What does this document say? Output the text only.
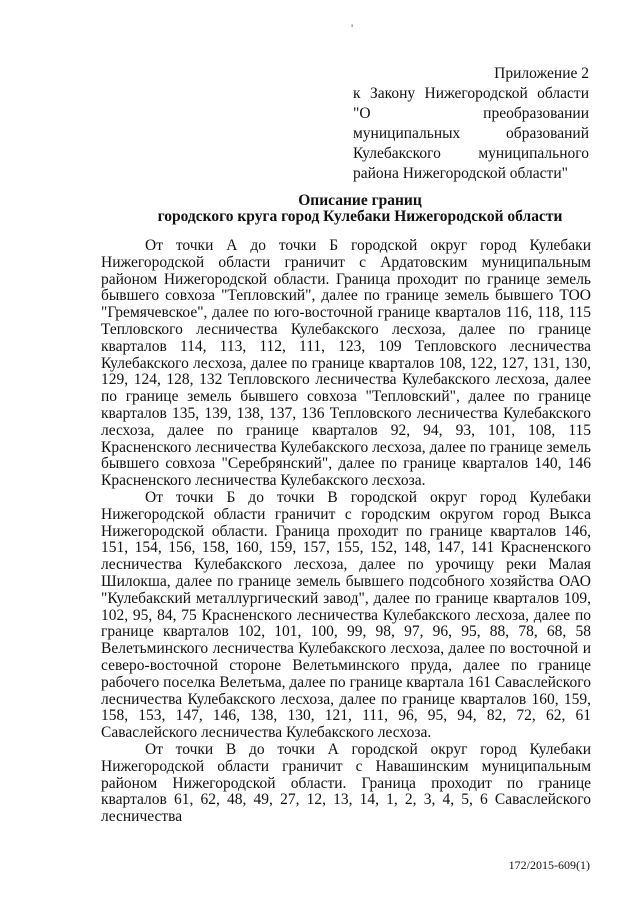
'
Приложение 2
к Закону Нижегородской области "О преобразовании муниципальных образований Кулебакского муниципального района Нижегородской области"
Описание границ
городского круга город Кулебаки Нижегородской области

От точки А до точки Б городской округ город Кулебаки Нижегородской области граничит с Ардатовским муниципальным районом Нижегородской области. Граница проходит по границе земель бывшего совхоза "Тепловский", далее по границе земель бывшего ТОО "Гремячевское", далее по юго-восточной границе кварталов 116, 118, 115 Тепловского лесничества Кулебакского лесхоза, далее по границе кварталов 114, 113, 112, 111, 123, 109 Тепловского лесничества Кулебакского лесхоза, далее по границе кварталов 108, 122, 127, 131, 130, 129, 124, 128, 132 Тепловского лесничества Кулебакского лесхоза, далее по границе земель бывшего совхоза "Тепловский", далее по границе кварталов 135, 139, 138, 137, 136 Тепловского лесничества Кулебакского лесхоза, далее по границе кварталов 92, 94, 93, 101, 108, 115 Красненского лесничества Кулебакского лесхоза, далее по границе земель бывшего совхоза "Серебрянский", далее по границе кварталов 140, 146 Красненского лесничества Кулебакского лесхоза.

От точки Б до точки В городской округ город Кулебаки Нижегородской области граничит с городским округом город Выкса Нижегородской области. Граница проходит по границе кварталов 146, 151, 154, 156, 158, 160, 159, 157, 155, 152, 148, 147, 141 Красненского лесничества Кулебакского лесхоза, далее по урочищу реки Малая Шилокша, далее по границе земель бывшего подсобного хозяйства ОАО "Кулебакский металлургический завод", далее по границе кварталов 109, 102, 95, 84, 75 Красненского лесничества Кулебакского лесхоза, далее по границе кварталов 102, 101, 100, 99, 98, 97, 96, 95, 88, 78, 68, 58 Велетьминского лесничества Кулебакского лесхоза, далее по восточной и северо-восточной стороне Велетьминского пруда, далее по границе рабочего поселка Велетьма, далее по границе квартала 161 Саваслейского лесничества Кулебакского лесхоза, далее по границе кварталов 160, 159, 158, 153, 147, 146, 138, 130, 121, 111, 96, 95, 94, 82, 72, 62, 61 Саваслейского лесничества Кулебакского лесхоза.

От точки В до точки А городской округ город Кулебаки Нижегородской области граничит с Навашинским муниципальным районом Нижегородской области. Граница проходит по границе кварталов 61, 62, 48, 49, 27, 12, 13, 14, 1, 2, 3, 4, 5, 6 Саваслейского лесничества

172/2015-609(1)
